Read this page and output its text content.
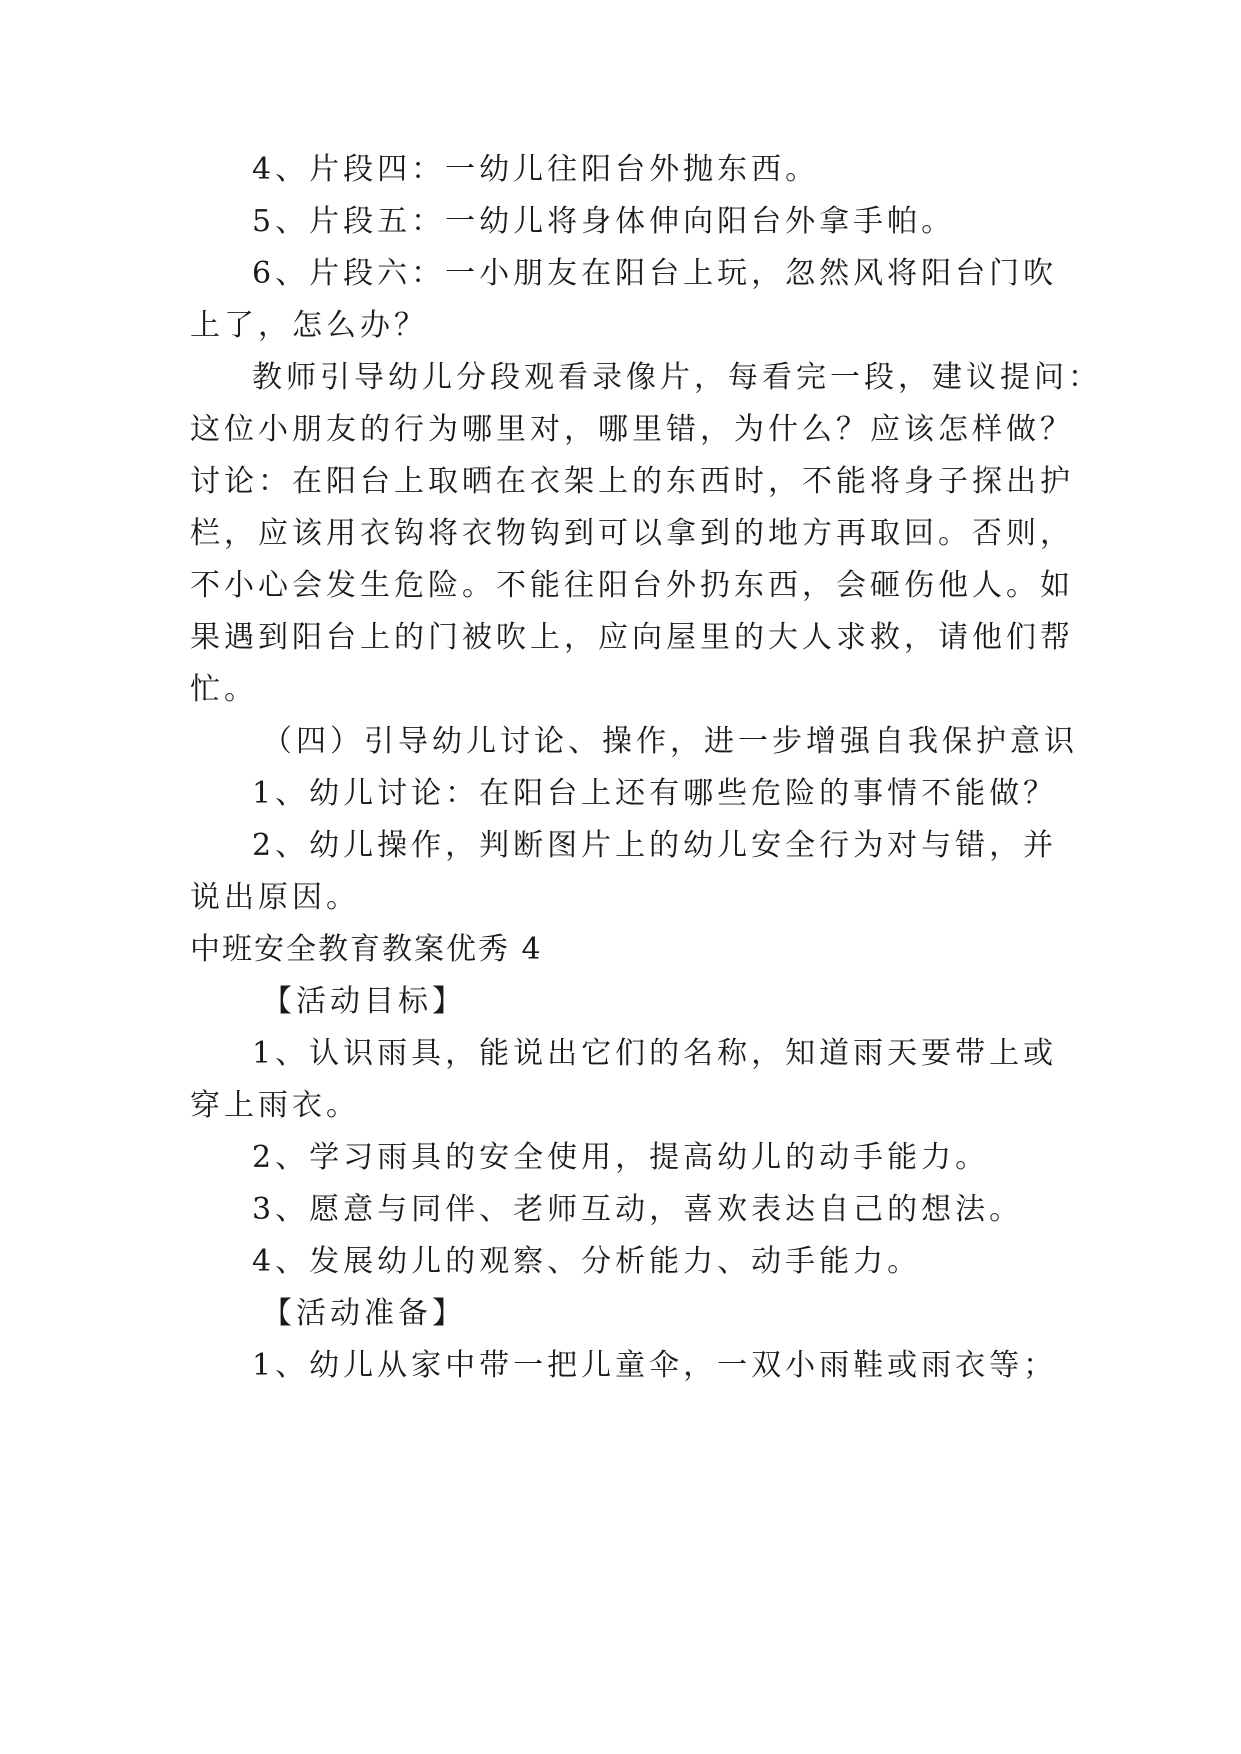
4、片段四：一幼儿往阳台外抛东西。
5、片段五：一幼儿将身体伸向阳台外拿手帕。
6、片段六：一小朋友在阳台上玩，忽然风将阳台门吹
上了，怎么办？
教师引导幼儿分段观看录像片，每看完一段，建议提问：
这位小朋友的行为哪里对，哪里错，为什么？应该怎样做？
讨论：在阳台上取晒在衣架上的东西时，不能将身子探出护
栏，应该用衣钩将衣物钩到可以拿到的地方再取回。否则，
不小心会发生危险。不能往阳台外扔东西，会砸伤他人。如
果遇到阳台上的门被吹上，应向屋里的大人求救，请他们帮
忙。
（四）引导幼儿讨论、操作，进一步增强自我保护意识
1、幼儿讨论：在阳台上还有哪些危险的事情不能做？
2、幼儿操作，判断图片上的幼儿安全行为对与错，并
说出原因。
中班安全教育教案优秀 4
【活动目标】
1、认识雨具，能说出它们的名称，知道雨天要带上或
穿上雨衣。
2、学习雨具的安全使用，提高幼儿的动手能力。
3、愿意与同伴、老师互动，喜欢表达自己的想法。
4、发展幼儿的观察、分析能力、动手能力。
【活动准备】
1、幼儿从家中带一把儿童伞，一双小雨鞋或雨衣等；
